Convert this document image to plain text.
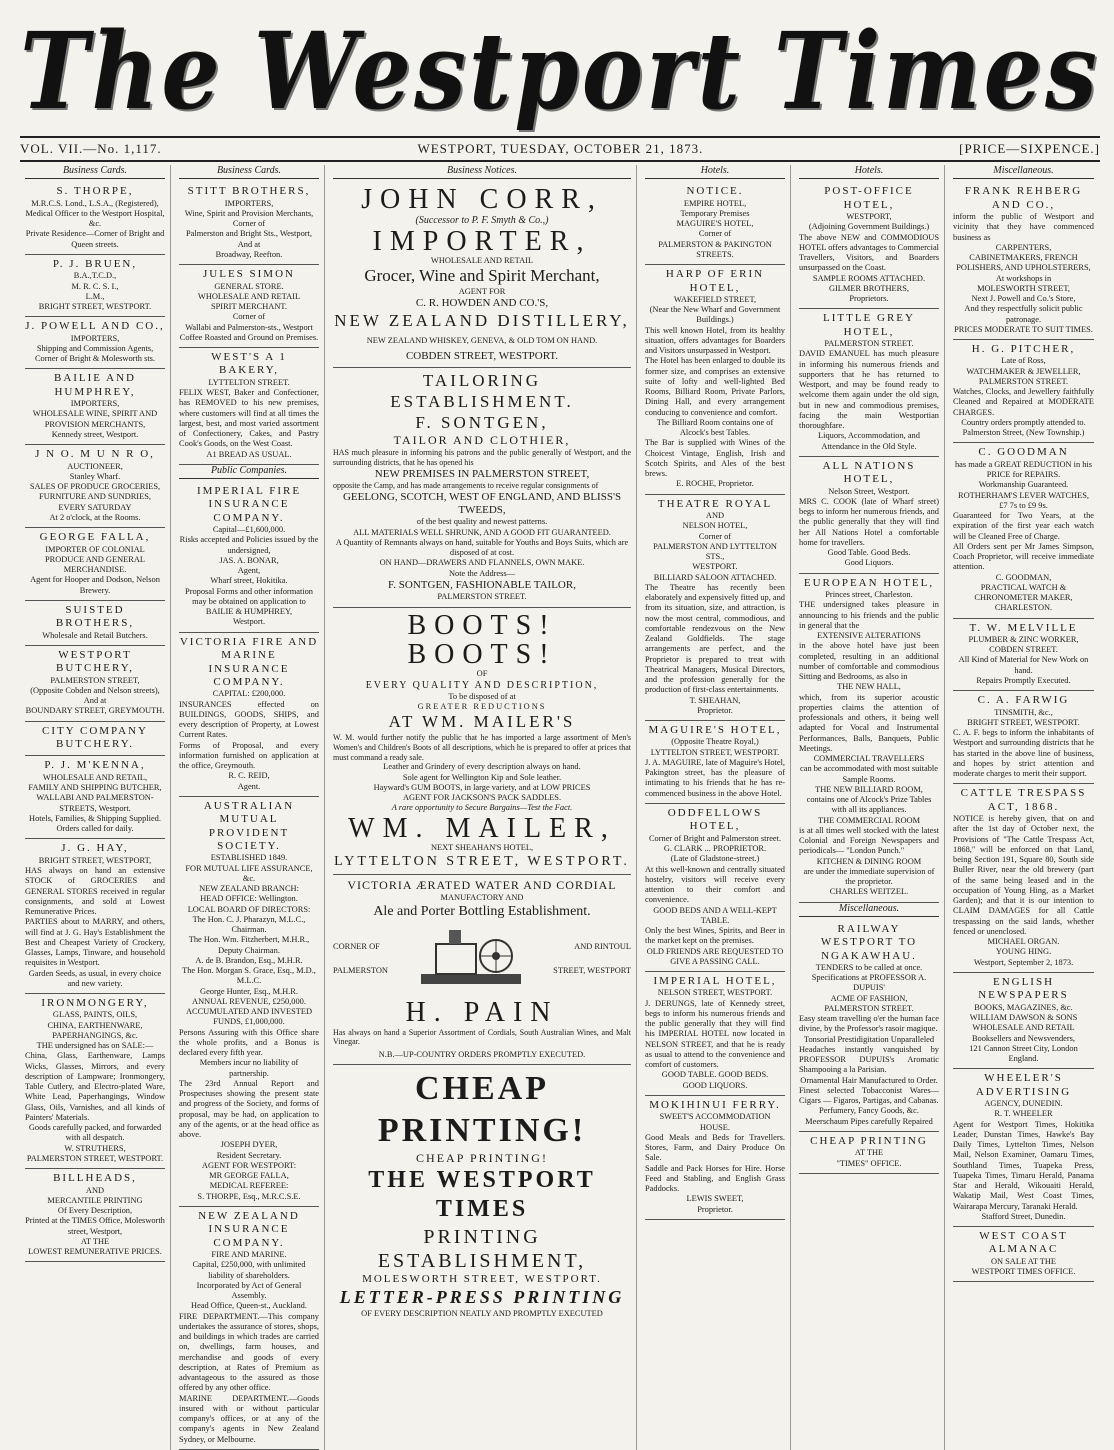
The Westport Times
VOL. VII.—No. 1,117.	WESTPORT, TUESDAY, OCTOBER 21, 1873.	[PRICE—SIXPENCE.]
Business Cards.
S. THORPE,
M.R.C.S. Lond., L.S.A., (Registered),
Medical Officer to the Westport Hospital, &c.
Private Residence—Corner of Bright and Queen streets.
P. J. BRUEN,
B.A.,T.C.D.,
M. R. C. S. I.,
L.M.,
BRIGHT STREET, WESTPORT.
J. POWELL AND CO.,
IMPORTERS,
Shipping and Commission Agents,
Corner of Bright & Molesworth sts.
BAILIE AND HUMPHREY,
IMPORTERS,
WHOLESALE WINE, SPIRIT AND PROVISION MERCHANTS,
Kennedy street, Westport.
J N O. M U N R O,
AUCTIONEER,
Stanley Wharf.
SALES OF PRODUCE GROCERIES, FURNITURE AND SUNDRIES,
EVERY SATURDAY
At 2 o'clock, at the Rooms.
GEORGE FALLA,
IMPORTER OF COLONIAL PRODUCE AND GENERAL MERCHANDISE.
Agent for Hooper and Dodson, Nelson Brewery.
SUISTED BROTHERS,
Wholesale and Retail Butchers.
WESTPORT BUTCHERY,
PALMERSTON STREET,
(Opposite Cobden and Nelson streets),
And at
BOUNDARY STREET, GREYMOUTH.
CITY COMPANY BUTCHERY.
P. J. M'KENNA,
WHOLESALE AND RETAIL,
FAMILY AND SHIPPING BUTCHER,
WALLABI AND PALMERSTON-STREETS, Westport.
Hotels, Families, & Shipping Supplied.
Orders called for daily.
J. G. HAY,
BRIGHT STREET, WESTPORT,
HAS always on hand an extensive STOCK of GROCERIES and GENERAL STORES received in regular consignments, and sold at Lowest Remunerative Prices.
PARTIES about to MARRY, and others, will find at J. G. Hay's Establishment the Best and Cheapest Variety of Crockery, Glasses, Lamps, Tinware, and household requisites in Westport.
Garden Seeds, as usual, in every choice and new variety.
IRONMONGERY,
GLASS, PAINTS, OILS,
CHINA, EARTHENWARE,
PAPERHANGINGS, &c.
THE undersigned has on SALE:—
China, Glass, Earthenware, Lamps Wicks, Glasses, Mirrors, and every description of Lampware; Ironmongery, Table Cutlery, and Electro-plated Ware, White Lead, Paperhangings, Window Glass, Oils, Varnishes, and all kinds of Painters' Materials.
Goods carefully packed, and forwarded with all despatch.
W. STRUTHERS,
PALMERSTON STREET, WESTPORT.
BILLHEADS,
AND
MERCANTILE PRINTING
Of Every Description,
Printed at the TIMES Office, Molesworth street, Westport,
AT THE
LOWEST REMUNERATIVE PRICES.
Business Cards.
STITT BROTHERS,
IMPORTERS,
Wine, Spirit and Provision Merchants,
Corner of
Palmerston and Bright Sts., Westport,
And at
Broadway, Reefton.
JULES SIMON
GENERAL STORE.
WHOLESALE AND RETAIL
SPIRIT MERCHANT.
Corner of
Wallabi and Palmerston-sts., Westport
Coffee Roasted and Ground on Premises.
WEST'S A 1 BAKERY,
LYTTELTON STREET.
FELIX WEST, Baker and Confectioner, has REMOVED to his new premises, where customers will find at all times the largest, best, and most varied assortment of Confectionery, Cakes, and Pastry Cook's Goods, on the West Coast.
A1 BREAD AS USUAL.
Public Companies.
IMPERIAL FIRE INSURANCE COMPANY.
Capital—£1,600,000.
Risks accepted and Policies issued by the undersigned,
JAS. A. BONAR,
Agent,
Wharf street, Hokitika.
Proposal Forms and other information may be obtained on application to
BAILIE & HUMPHREY,
Westport.
VICTORIA FIRE AND MARINE INSURANCE COMPANY.
CAPITAL: £200,000.
INSURANCES effected on BUILDINGS, GOODS, SHIPS, and every description of Property, at Lowest Current Rates.
Forms of Proposal, and every information furnished on application at the office, Greymouth.
R. C. REID,
Agent.
AUSTRALIAN MUTUAL PROVIDENT SOCIETY.
ESTABLISHED 1849.
FOR MUTUAL LIFE ASSURANCE, &c.
NEW ZEALAND BRANCH:
HEAD OFFICE: Wellington.
LOCAL BOARD OF DIRECTORS:
The Hon. C. J. Pharazyn, M.L.C., Chairman.
The Hon. Wm. Fitzherbert, M.H.R., Deputy Chairman.
A. de B. Brandon, Esq., M.H.R.
The Hon. Morgan S. Grace, Esq., M.D., M.L.C.
George Hunter, Esq., M.H.R.
ANNUAL REVENUE, £250,000.
ACCUMULATED AND INVESTED FUNDS, £1,000,000.
Persons Assuring with this Office share the whole profits, and a Bonus is declared every fifth year.
Members incur no liability of partnership.
The 23rd Annual Report and Prospectuses showing the present state and progress of the Society, and forms of proposal, may be had, on application to any of the agents, or at the head office as above.
JOSEPH DYER,
Resident Secretary.
AGENT FOR WESTPORT:
MR GEORGE FALLA,
MEDICAL REFEREE:
S. THORPE, Esq., M.R.C.S.E.
NEW ZEALAND INSURANCE COMPANY.
FIRE AND MARINE.
Capital, £250,000, with unlimited liability of shareholders.
Incorporated by Act of General Assembly.
Head Office, Queen-st., Auckland.
FIRE DEPARTMENT.—This company undertakes the assurance of stores, shops, and buildings in which trades are carried on, dwellings, farm houses, and merchandise and goods of every description, at Rates of Premium as advantageous to the assured as those offered by any other office.
MARINE DEPARTMENT.—Goods insured with or without particular company's offices, or at any of the company's agents in New Zealand Sydney, or Melbourne.
Business Notices.
JOHN CORR,
(Successor to P. F. Smyth & Co.,)
IMPORTER,
WHOLESALE AND RETAIL
Grocer, Wine and Spirit Merchant,
AGENT FOR
C. R. HOWDEN AND CO.'S,
NEW ZEALAND DISTILLERY,
NEW ZEALAND WHISKEY, GENEVA, & OLD TOM ON HAND.
COBDEN STREET, WESTPORT.
TAILORING ESTABLISHMENT.
F. SONTGEN,
TAILOR AND CLOTHIER,
HAS much pleasure in informing his patrons and the public generally of Westport, and the surrounding districts, that he has opened his
NEW PREMISES IN PALMERSTON STREET,
opposite the Camp, and has made arrangements to receive regular consignments of
GEELONG, SCOTCH, WEST OF ENGLAND, AND BLISS'S TWEEDS,
of the best quality and newest patterns.
ALL MATERIALS WELL SHRUNK, AND A GOOD FIT GUARANTEED.
A Quantity of Remnants always on hand, suitable for Youths and Boys Suits, which are disposed of at cost.
ON HAND—DRAWERS AND FLANNELS, OWN MAKE.
Note the Address—
F. SONTGEN, FASHIONABLE TAILOR,
PALMERSTON STREET.
BOOTS! BOOTS!
OF
EVERY QUALITY AND DESCRIPTION,
To be disposed of at
GREATER REDUCTIONS
AT WM. MAILER'S
W. M. would further notify the public that he has imported a large assortment of Men's Women's and Children's Boots of all descriptions, which he is prepared to offer at prices that must command a ready sale.
Leather and Grindery of every description always on hand.
Sole agent for Wellington Kip and Sole leather.
Hayward's GUM BOOTS, in large variety, and at LOW PRICES
AGENT FOR JACKSON'S PACK SADDLES.
A rare opportunity to Secure Bargains—Test the Fact.
WM. MAILER,
NEXT SHEAHAN'S HOTEL,
LYTTELTON STREET, WESTPORT.
VICTORIA ÆRATED WATER AND CORDIAL
MANUFACTORY AND
Ale and Porter Bottling Establishment.
CORNER OF
PALMERSTON
AND RINTOUL
STREET, WESTPORT
H. PAIN
Has always on hand a Superior Assortment of Cordials, South Australian Wines, and Malt Vinegar.
N.B.—UP-COUNTRY ORDERS PROMPTLY EXECUTED.
CHEAP PRINTING!
CHEAP PRINTING!
THE WESTPORT TIMES
PRINTING ESTABLISHMENT,
MOLESWORTH STREET, WESTPORT.
LETTER-PRESS PRINTING
OF EVERY DESCRIPTION NEATLY AND PROMPTLY EXECUTED
Hotels.
NOTICE.
EMPIRE HOTEL,
Temporary Premises
MAGUIRE'S HOTEL,
Corner of
PALMERSTON & PAKINGTON STREETS.
HARP OF ERIN HOTEL,
WAKEFIELD STREET,
(Near the New Wharf and Government Buildings.)
This well known Hotel, from its healthy situation, offers advantages for Boarders and Visitors unsurpassed in Westport.
The Hotel has been enlarged to double its former size, and comprises an extensive suite of lofty and well-lighted Bed Rooms, Billiard Room, Private Parlors, Dining Hall, and every arrangement conducing to convenience and comfort.
The Billiard Room contains one of Alcock's best Tables.
The Bar is supplied with Wines of the Choicest Vintage, English, Irish and Scotch Spirits, and Ales of the best brews.
E. ROCHE, Proprietor.
THEATRE ROYAL
AND
NELSON HOTEL,
Corner of
PALMERSTON AND LYTTELTON STS.,
WESTPORT.
BILLIARD SALOON ATTACHED.
The Theatre has recently been elaborately and expensively fitted up, and from its situation, size, and attraction, is now the most central, commodious, and comfortable rendezvous on the New Zealand Goldfields. The stage arrangements are perfect, and the Proprietor is prepared to treat with Theatrical Managers, Musical Directors, and the profession generally for the production of first-class entertainments.
T. SHEAHAN,
Proprietor.
MAGUIRE'S HOTEL,
(Opposite Theatre Royal,)
LYTTELTON STREET, WESTPORT.
J. A. MAGUIRE, late of Maguire's Hotel, Pakington street, has the pleasure of intimating to his friends that he has re-commenced business in the above Hotel.
ODDFELLOWS HOTEL,
Corner of Bright and Palmerston street.
G. CLARK ... PROPRIETOR.
(Late of Gladstone-street.)
At this well-known and centrally situated hostelry, visitors will receive every attention to their comfort and convenience.
GOOD BEDS AND A WELL-KEPT TABLE.
Only the best Wines, Spirits, and Beer in the market kept on the premises.
OLD FRIENDS ARE REQUESTED TO GIVE A PASSING CALL.
IMPERIAL HOTEL,
NELSON STREET, WESTPORT.
J. DERUNGS, late of Kennedy street, begs to inform his numerous friends and the public generally that they will find his IMPERIAL HOTEL now located in NELSON STREET, and that he is ready as usual to attend to the convenience and comfort of customers.
GOOD TABLE. GOOD BEDS.
GOOD LIQUORS.
MOKIHINUI FERRY.
SWEET'S ACCOMMODATION HOUSE.
Good Meals and Beds for Travellers. Stores, Farm, and Dairy Produce On Sale.
Saddle and Pack Horses for Hire. Horse Feed and Stabling, and English Grass Paddocks.
LEWIS SWEET,
Proprietor.
Hotels.
POST-OFFICE HOTEL,
WESTPORT,
(Adjoining Government Buildings.)
The above NEW and COMMODIOUS HOTEL offers advantages to Commercial Travellers, Visitors, and Boarders unsurpassed on the Coast.
SAMPLE ROOMS ATTACHED.
GILMER BROTHERS,
Proprietors.
LITTLE GREY HOTEL,
PALMERSTON STREET.
DAVID EMANUEL has much pleasure in informing his numerous friends and supporters that he has returned to Westport, and may be found ready to welcome them again under the old sign, but in new and commodious premises, facing the main Westportian thoroughfare.
Liquors, Accommodation, and Attendance in the Old Style.
ALL NATIONS HOTEL,
Nelson Street, Westport.
MRS C. COOK (late of Wharf street) begs to inform her numerous friends, and the public generally that they will find her All Nations Hotel a comfortable home for travellers.
Good Table. Good Beds.
Good Liquors.
EUROPEAN HOTEL,
Princes street, Charleston.
THE undersigned takes pleasure in announcing to his friends and the public in general that the
EXTENSIVE ALTERATIONS
in the above hotel have just been completed, resulting in an additional number of comfortable and commodious Sitting and Bedrooms, as also in
THE NEW HALL,
which, from its superior acoustic properties claims the attention of professionals and others, it being well adapted for Vocal and Instrumental Performances, Balls, Banquets, Public Meetings.
COMMERCIAL TRAVELLERS
can be accommodated with most suitable Sample Rooms.
THE NEW BILLIARD ROOM,
contains one of Alcock's Prize Tables with all its appliances.
THE COMMERCIAL ROOM
is at all times well stocked with the latest Colonial and Foreign Newspapers and periodicals— "London Punch."
KITCHEN & DINING ROOM
are under the immediate supervision of the proprietor.
CHARLES WEITZEL.
Miscellaneous.
RAILWAY WESTPORT TO NGAKAWHAU.
TENDERS to be called at once. Specifications at PROFESSOR A. DUPUIS'
ACME OF FASHION,
PALMERSTON STREET.
Easy steam travelling o'er the human face divine, by the Professor's rasoir magique.
Tonsorial Prestidigitation Unparalleled
Headaches instantly vanquished by PROFESSOR DUPUIS's Aromatic Shampooing a la Parisian.
Ornamental Hair Manufactured to Order.
Finest selected Tobacconist Wares—Cigars — Figaros, Partigas, and Cabanas.
Perfumery, Fancy Goods, &c.
Meerschaum Pipes carefully Repaired
CHEAP PRINTING
AT THE
"TIMES" OFFICE.
Miscellaneous.
FRANK REHBERG AND CO.,
inform the public of Westport and vicinity that they have commenced business as
CARPENTERS,
CABINETMAKERS, FRENCH POLISHERS, AND UPHOLSTERERS,
At workshops in
MOLESWORTH STREET,
Next J. Powell and Co.'s Store,
And they respectfully solicit public patronage.
PRICES MODERATE TO SUIT TIMES.
H. G. PITCHER,
Late of Ross,
WATCHMAKER & JEWELLER,
PALMERSTON STREET.
Watches, Clocks, and Jewellery faithfully Cleaned and Repaired at MODERATE CHARGES.
Country orders promptly attended to.
Palmerston Street, (New Township.)
C. GOODMAN
has made a GREAT REDUCTION in his PRICE for REPAIRS.
Workmanship Guaranteed.
ROTHERHAM'S LEVER WATCHES, £7 7s to £9 9s.
Guaranteed for Two Years, at the expiration of the first year each watch will be Cleaned Free of Charge.
All Orders sent per Mr James Simpson, Coach Proprietor, will receive immediate attention.
C. GOODMAN,
PRACTICAL WATCH & CHRONOMETER MAKER,
CHARLESTON.
T. W. MELVILLE
PLUMBER & ZINC WORKER,
COBDEN STREET.
All Kind of Material for New Work on hand.
Repairs Promptly Executed.
C. A. FARWIG
TINSMITH, &c.,
BRIGHT STREET, WESTPORT.
C. A. F. begs to inform the inhabitants of Westport and surrounding districts that he has started in the above line of business, and hopes by strict attention and moderate charges to merit their support.
CATTLE TRESPASS ACT, 1868.
NOTICE is hereby given, that on and after the 1st day of October next, the Provisions of "The Cattle Trespass Act, 1868," will be enforced on that Land, being Section 191, Square 80, South side Buller River, near the old brewery (part of the same being leased and in the occupation of Young Hing, as a Market Garden); and that it is our intention to CLAIM DAMAGES for all Cattle trespassing on the said lands, whether fenced or unenclosed.
MICHAEL ORGAN.
YOUNG HING.
Westport, September 2, 1873.
ENGLISH NEWSPAPERS
BOOKS, MAGAZINES, &c.
WILLIAM DAWSON & SONS
WHOLESALE AND RETAIL
Booksellers and Newsvenders,
121 Cannon Street City, London
England.
WHEELER'S ADVERTISING
AGENCY, DUNEDIN.
R. T. WHEELER
Agent for Westport Times, Hokitika Leader, Dunstan Times, Hawke's Bay Daily Times, Lyttelton Times, Nelson Mail, Nelson Examiner, Oamaru Times, Southland Times, Tuapeka Press, Tuapeka Times, Timaru Herald, Panama Star and Herald, Wikouaiti Herald, Wakatip Mail, West Coast Times, Wairarapa Mercury, Taranaki Herald.
Stafford Street, Dunedin.
WEST COAST ALMANAC
ON SALE AT THE
WESTPORT TIMES OFFICE.
